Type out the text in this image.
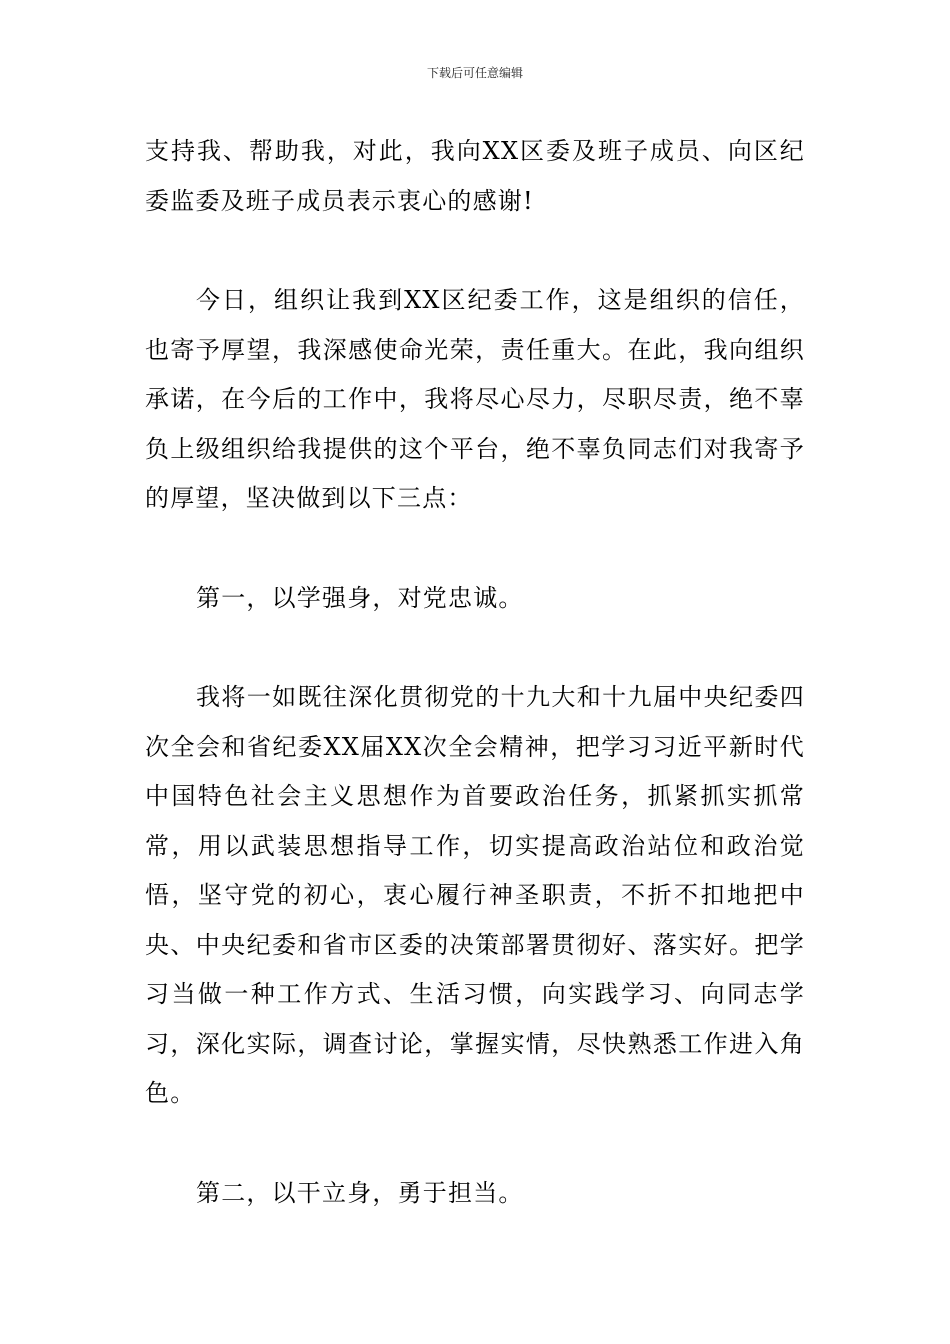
下载后可任意编辑

支持我、帮助我，对此，我向XX区委及班子成员、向区纪委监委及班子成员表示衷心的感谢!

今日，组织让我到XX区纪委工作，这是组织的信任，也寄予厚望，我深感使命光荣，责任重大。在此，我向组织承诺，在今后的工作中，我将尽心尽力，尽职尽责，绝不辜负上级组织给我提供的这个平台，绝不辜负同志们对我寄予的厚望，坚决做到以下三点：

第一，以学强身，对党忠诚。

我将一如既往深化贯彻党的十九大和十九届中央纪委四次全会和省纪委XX届XX次全会精神，把学习习近平新时代中国特色社会主义思想作为首要政治任务，抓紧抓实抓常常，用以武装思想指导工作，切实提高政治站位和政治觉悟，坚守党的初心，衷心履行神圣职责，不折不扣地把中央、中央纪委和省市区委的决策部署贯彻好、落实好。把学习当做一种工作方式、生活习惯，向实践学习、向同志学习，深化实际，调查讨论，掌握实情，尽快熟悉工作进入角色。

第二，以干立身，勇于担当。
